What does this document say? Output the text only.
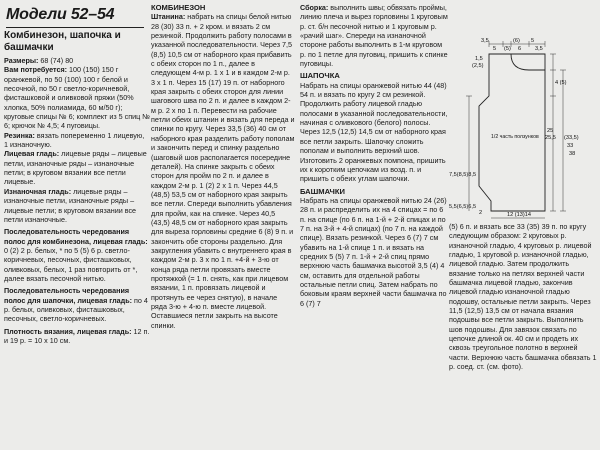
Модели 52–54

Комбинезон, шапочка и башмачки

Размеры: 68 (74) 80

Вам потребуется: 100 (150) 150 г оранжевой, по 50 (100) 100 г белой и песочной, по 50 г светло-коричневой, фисташковой и оливковой пряжи (50% хлопка, 50% полиамида, 60 м/50 г); круговые спицы № 6; комплект из 5 спиц № 6; крючок № 4,5; 4 пуговицы.

Резинка: вязать попеременно 1 лицевую, 1 изнаночную.

Лицевая гладь: лицевые ряды – лицевые петли, изнаночные ряды – изнаночные петли; в круговом вязании все петли лицевые.

Изнаночная гладь: лицевые ряды – изнаночные петли, изнаночные ряды – лицевые петли; в круговом вязании все петли изнаночные.

Последовательность чередования полос для комбинезона, лицевая гладь: 0 (2) 2 р. белых, * по 5 (5) 6 р. светло-коричневых, песочных, фисташковых, оливковых, белых, 1 раз повторить от *, далее вязать песочной нитью.

Последовательность чередования полос для шапочки, лицевая гладь: по 4 р. белых, оливковых, фисташковых, песочных, светло-коричневых.

Плотность вязания, лицевая гладь: 12 п. и 19 р. = 10 х 10 см.

КОМБИНЕЗОН

Штанина: набрать на спицы белой нитью 28 (30) 33 п. + 2 кром. и вязать 2 см резинкой. Продолжить работу полосами в указанной последовательности. Через 7,5 (8,5) 10,5 см от наборного края прибавить с обеих сторон по 1 п., далее в следующем 4-м р. 1 х 1 и в каждом 2-м р. 3 х 1 п. Через 15 (17) 19 п. от наборного края закрыть с обеих сторон для линии шагового шва по 2 п. и далее в каждом 2-м р. 2 х по 1 п. Перевести на рабочие петли обеих штанин и вязать для переда и спинки по кругу. Через 33,5 (36) 40 см от наборного края разделить работу пополам и закончить перед и спинку раздельно (шаговый шов располагается посередине деталей). На спинке закрыть с обеих сторон для пройм по 2 п. и далее в каждом 2-м р. 1 (2) 2 х 1 п. Через 44,5 (48,5) 53,5 см от наборного края закрыть все петли. Спереди выполнить убавления для пройм, как на спинке. Через 40,5 (43,5) 48,5 см от наборного края закрыть для выреза горловины средние 6 (8) 9 п. и закончить обе стороны раздельно. Для закругления убавить с внутреннего края в каждом 2-м р. 3 х по 1 п. +4-й + 3-ю от конца ряда петли провязать вместе протяжкой (= 1 п. снять, как при лицевом вязании, 1 п. провязать лицевой и протянуть ее через снятую), в начале ряда 3-ю + 4-ю п. вместе лицевой. Оставшиеся петли закрыть на высоте спинки.

Сборка: выполнить швы; обвязать проймы, линию плеча и вырез горловины 1 круговым р. ст. б/н песочной нитью и 1 круговым р. «рачий шаг». Спереди на изнаночной стороне работы выполнить в 1-м круговом р. по 1 петле для пуговиц, пришить к спинке пуговицы.

ШАПОЧКА

Набрать на спицы оранжевой нитью 44 (48) 54 п. и вязать по кругу 2 см резинкой. Продолжить работу лицевой гладью полосами в указанной последовательности, начиная с оливкового (белого) полосы. Через 12,5 (12,5) 14,5 см от наборного края все петли закрыть. Шапочку сложить пополам и выполнить верхний шов. Изготовить 2 оранжевых помпона, пришить их к коротким цепочкам из возд. п. и пришить с обеих углам шапочки.

БАШМАЧКИ

Набрать на спицы оранжевой нитью 24 (26) 28 п. и распределить их на 4 спицах = по 6 п. на спице (по 6 п. на 1-й + 2-й спицах и по 7 п. на 3-й + 4-й спицах) (по 7 п. на каждой спице). Вязать резинкой. Через 6 (7) 7 см убавить на 1-й спице 1 п. и вязать на средних 5 (5) 7 п. 1-й + 2-й спиц прямо верхнюю часть башмачка высотой 3,5 (4) 4 см, оставить для отдельной работы остальные петли спиц. Затем набрать по боковым краям верхней части башмачка по 6 (7) 7

(5) 6 п. и вязать все 33 (35) 39 п. по кругу следующим образом: 2 круговых р. изнаночной гладью, 4 круговых р. лицевой гладью, 1 круговой р. изнаночной гладью, лицевой гладью. Затем продолжить вязание только на петлях верхней части башмачка лицевой гладью, закончив лицевой гладью изнаночной гладью подошву, остальные петли закрыть. Через 11,5 (12,5) 13,5 см от начала вязания подошвы все петли закрыть. Выполнить шов подошвы. Для завязок связать по цепочке длиной ок. 40 см и продеть их сквозь треугольное полотно в верхней части. Верхнюю часть башмачка обвязать 1 р. соед. ст. (см. фото).

3,5
5 (5) 6
(6) 5
3,5
1,5
(2,5)
1/2 часть ползунков
4 (5)
25
25,5 (33,5)
33
38
7,5(8,5)8,5
5,5(6,5)6,5
2	12 (13)14
